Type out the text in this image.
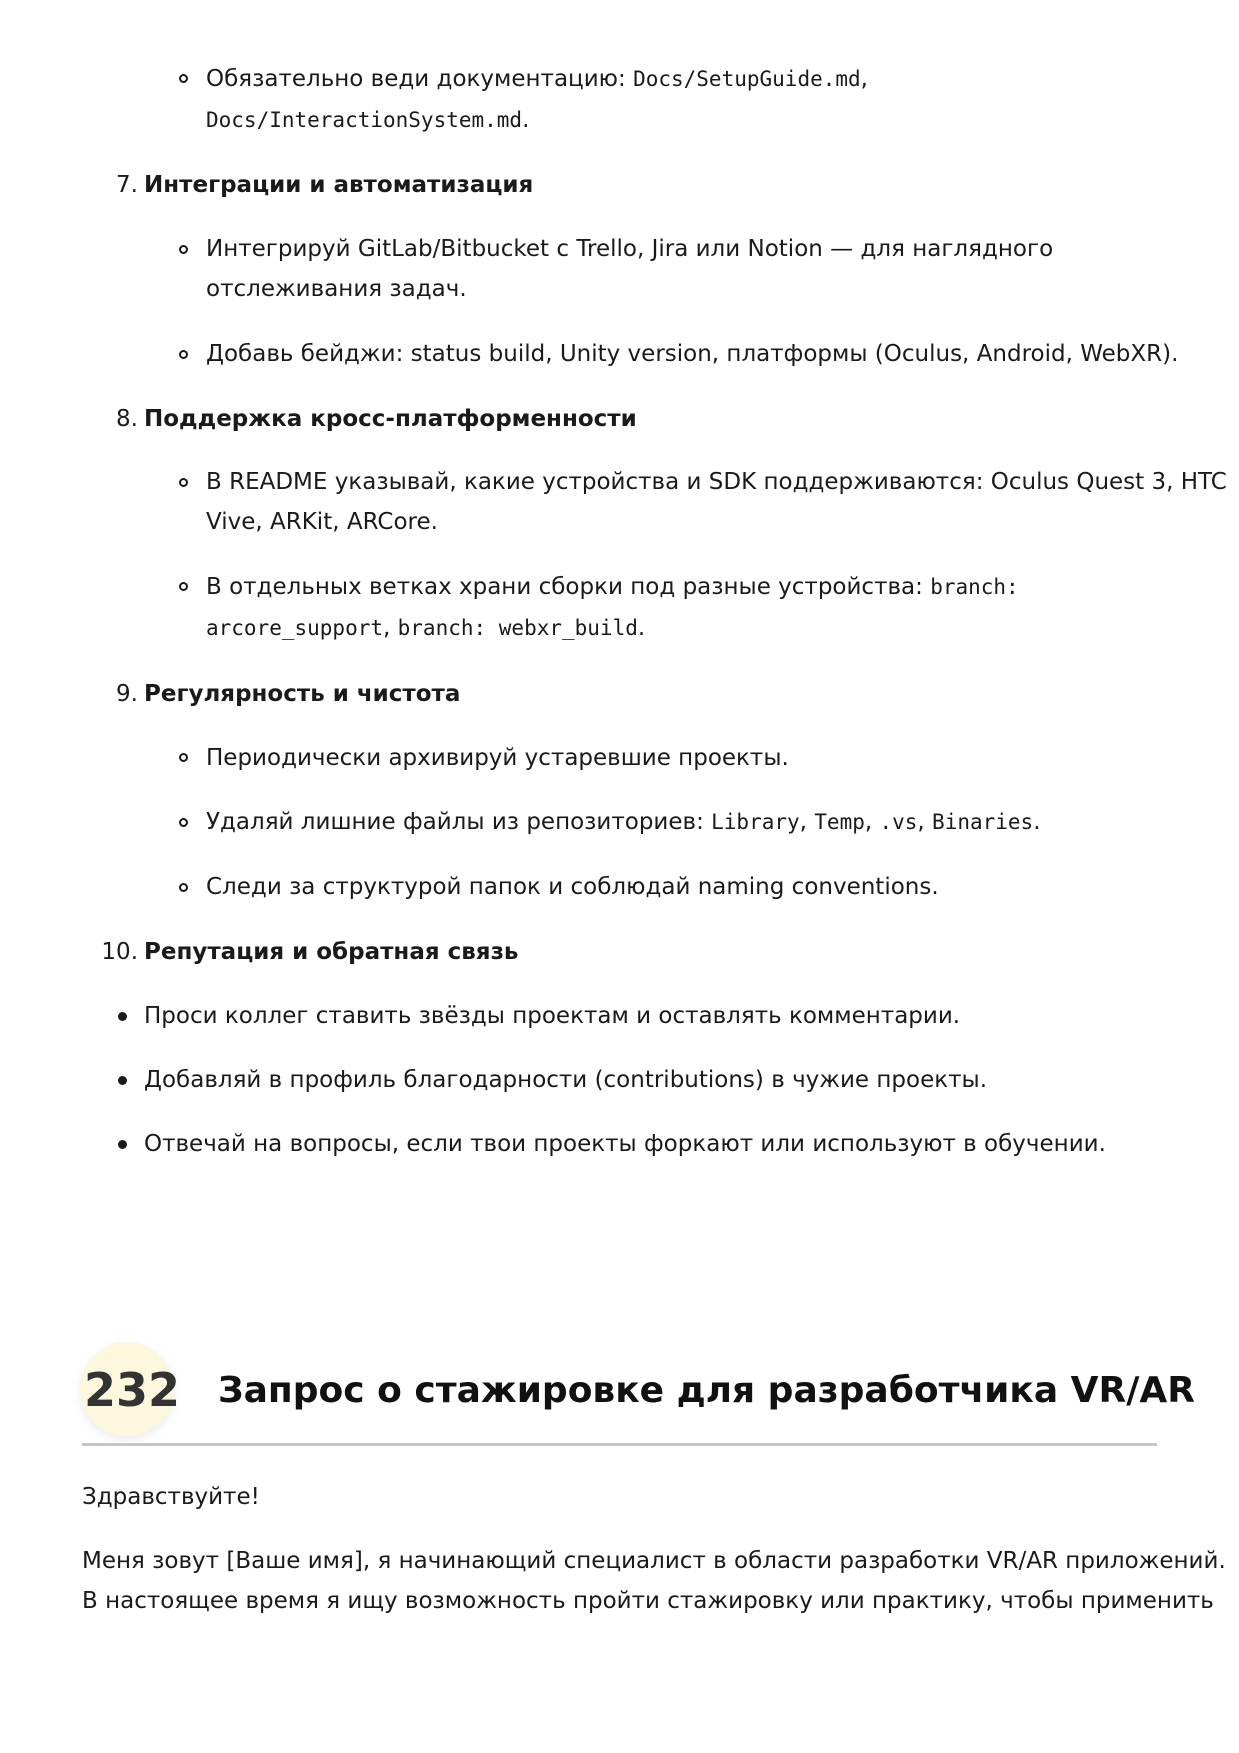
Обязательно веди документацию: Docs/SetupGuide.md,
Docs/InteractionSystem.md.
7. Интеграции и автоматизация
Интегрируй GitLab/Bitbucket с Trello, Jira или Notion — для наглядного
отслеживания задач.
Добавь бейджи: status build, Unity version, платформы (Oculus, Android, WebXR).
8. Поддержка кросс-платформенности
В README указывай, какие устройства и SDK поддерживаются: Oculus Quest 3, HTC
Vive, ARKit, ARCore.
В отдельных ветках храни сборки под разные устройства: branch:
arcore_support, branch: webxr_build.
9. Регулярность и чистота
Периодически архивируй устаревшие проекты.
Удаляй лишние файлы из репозиториев: Library, Temp, .vs, Binaries.
Следи за структурой папок и соблюдай naming conventions.
10. Репутация и обратная связь
Проси коллег ставить звёзды проектам и оставлять комментарии.
Добавляй в профиль благодарности (contributions) в чужие проекты.
Отвечай на вопросы, если твои проекты форкают или используют в обучении.
232 Запрос о стажировке для разработчика VR/AR
Здравствуйте!
Меня зовут [Ваше имя], я начинающий специалист в области разработки VR/AR приложений.
В настоящее время я ищу возможность пройти стажировку или практику, чтобы применить
